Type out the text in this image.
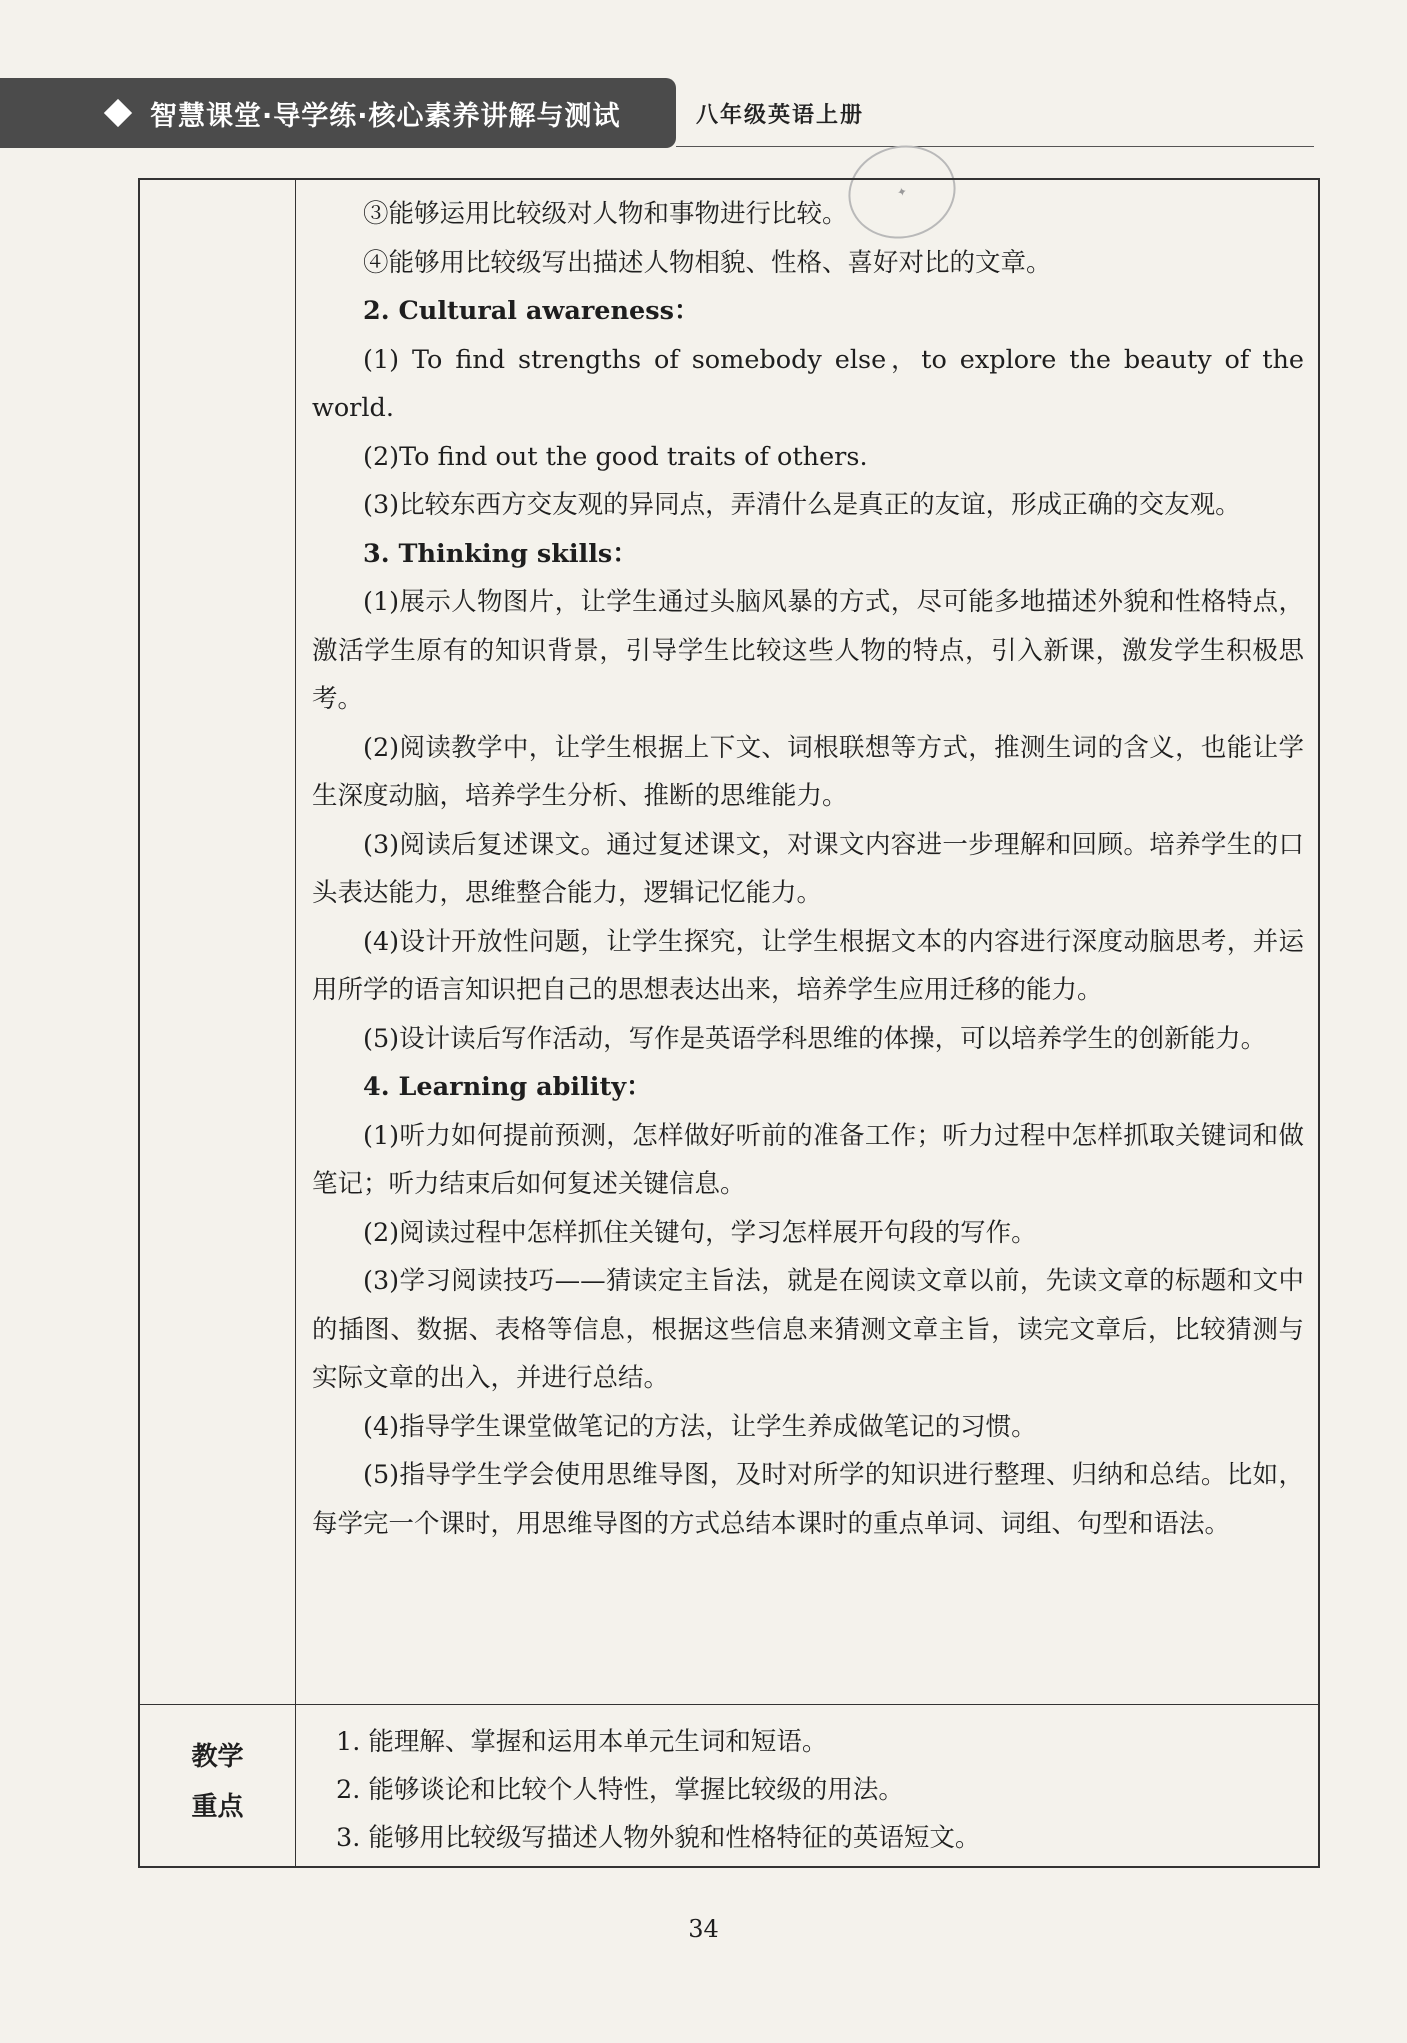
智慧课堂·导学练·核心素养讲解与测试	八年级英语上册
✦

③能够运用比较级对人物和事物进行比较。

④能够用比较级写出描述人物相貌、性格、喜好对比的文章。

2. Cultural awareness：

(1) To find strengths of somebody else，to explore the beauty of the world.

(2)To find out the good traits of others.

(3)比较东西方交友观的异同点，弄清什么是真正的友谊，形成正确的交友观。

3. Thinking skills：

(1)展示人物图片，让学生通过头脑风暴的方式，尽可能多地描述外貌和性格特点，激活学生原有的知识背景，引导学生比较这些人物的特点，引入新课，激发学生积极思考。

(2)阅读教学中，让学生根据上下文、词根联想等方式，推测生词的含义，也能让学生深度动脑，培养学生分析、推断的思维能力。

(3)阅读后复述课文。通过复述课文，对课文内容进一步理解和回顾。培养学生的口头表达能力，思维整合能力，逻辑记忆能力。

(4)设计开放性问题，让学生探究，让学生根据文本的内容进行深度动脑思考，并运用所学的语言知识把自己的思想表达出来，培养学生应用迁移的能力。

(5)设计读后写作活动，写作是英语学科思维的体操，可以培养学生的创新能力。

4. Learning ability：

(1)听力如何提前预测，怎样做好听前的准备工作；听力过程中怎样抓取关键词和做笔记；听力结束后如何复述关键信息。

(2)阅读过程中怎样抓住关键句，学习怎样展开句段的写作。

(3)学习阅读技巧——猜读定主旨法，就是在阅读文章以前，先读文章的标题和文中的插图、数据、表格等信息，根据这些信息来猜测文章主旨，读完文章后，比较猜测与实际文章的出入，并进行总结。

(4)指导学生课堂做笔记的方法，让学生养成做笔记的习惯。

(5)指导学生学会使用思维导图，及时对所学的知识进行整理、归纳和总结。比如，每学完一个课时，用思维导图的方式总结本课时的重点单词、词组、句型和语法。

教学
重点

1. 能理解、掌握和运用本单元生词和短语。

2. 能够谈论和比较个人特性，掌握比较级的用法。

3. 能够用比较级写描述人物外貌和性格特征的英语短文。

34
